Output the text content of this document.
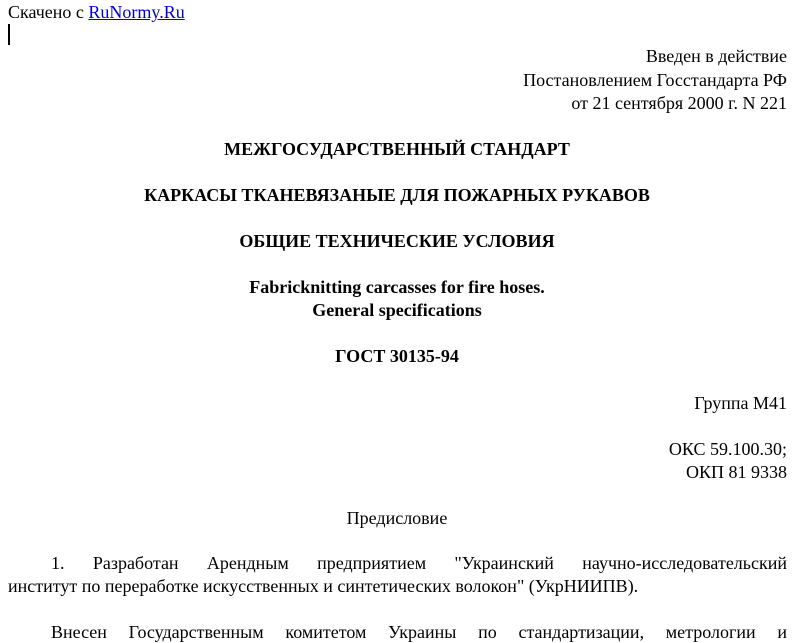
Скачено с RuNormy.Ru
Введен в действие
Постановлением Госстандарта РФ
от 21 сентября 2000 г. N 221
МЕЖГОСУДАРСТВЕННЫЙ СТАНДАРТ
КАРКАСЫ ТКАНЕВЯЗАНЫЕ ДЛЯ ПОЖАРНЫХ РУКАВОВ
ОБЩИЕ ТЕХНИЧЕСКИЕ УСЛОВИЯ
Fabricknitting carcasses for fire hoses.
General specifications
ГОСТ 30135-94
Группа М41
ОКС 59.100.30;
ОКП 81 9338
Предисловие
1. Разработан Арендным предприятием "Украинский научно-исследовательский
институт по переработке искусственных и синтетических волокон" (УкрНИИПВ).
Внесен Государственным комитетом Украины по стандартизации, метрологии и
